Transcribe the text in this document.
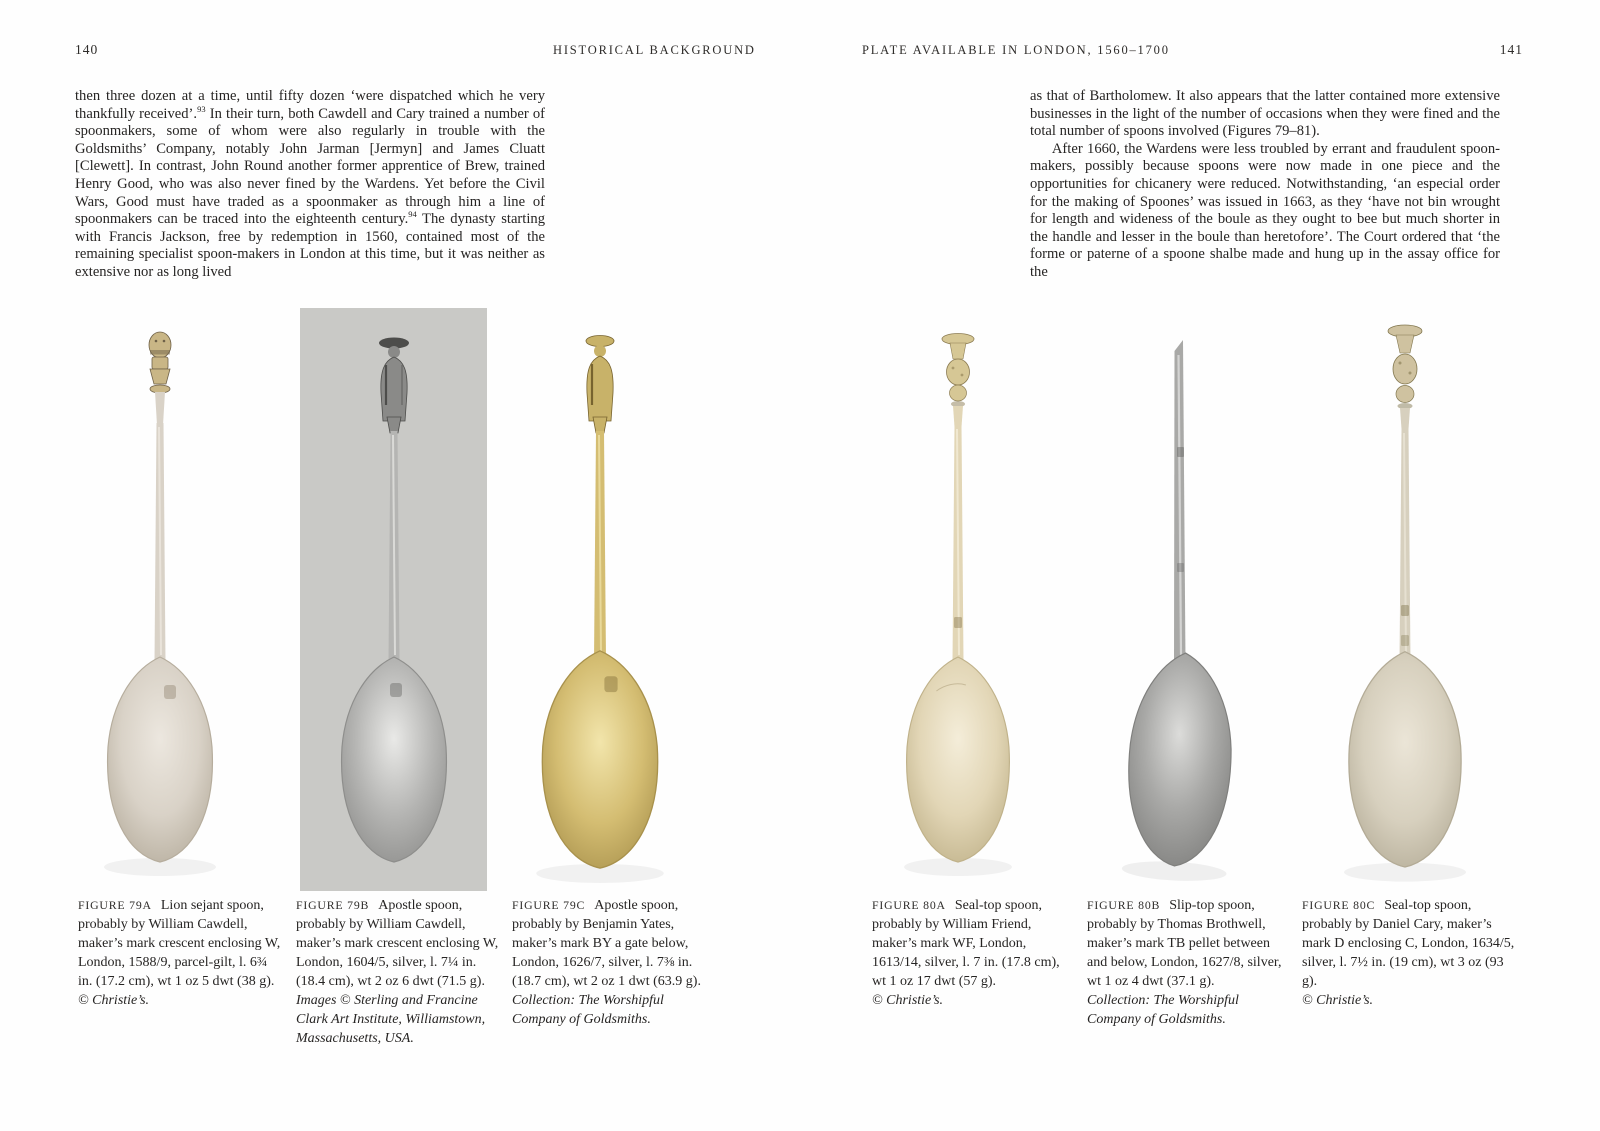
140	HISTORICAL BACKGROUND	PLATE AVAILABLE IN LONDON, 1560–1700	141

then three dozen at a time, until fifty dozen ‘were dispatched which he very thankfully received’.$^{93}$ In their turn, both Cawdell and Cary trained a number of spoonmakers, some of whom were also regularly in trouble with the Goldsmiths’ Company, notably John Jarman [Jermyn] and James Cluatt [Clewett]. In contrast, John Round another former apprentice of Brew, trained Henry Good, who was also never fined by the Wardens. Yet before the Civil Wars, Good must have traded as a spoonmaker as through him a line of spoonmakers can be traced into the eighteenth century.$^{94}$ The dynasty starting with Francis Jackson, free by redemption in 1560, contained most of the remaining specialist spoon-makers in London at this time, but it was neither as extensive nor as long lived

as that of Bartholomew. It also appears that the latter contained more extensive businesses in the light of the number of occasions when they were fined and the total number of spoons involved (Figures 79–81).

After 1660, the Wardens were less troubled by errant and fraudulent spoon-makers, possibly because spoons were now made in one piece and the opportunities for chicanery were reduced. Notwithstanding, ‘an especial order for the making of Spoones’ was issued in 1663, as they ‘have not bin wrought for length and wideness of the boule as they ought to bee but much shorter in the handle and lesser in the boule than heretofore’. The Court ordered that ‘the forme or paterne of a spoone shalbe made and hung up in the assay office for the

FIGURE 79A Lion sejant spoon, probably by William Cawdell, maker’s mark crescent enclosing W, London, 1588/9, parcel-gilt, l. 6¾ in. (17.2 cm), wt 1 oz 5 dwt (38 g).
© Christie’s.
FIGURE 79B Apostle spoon, probably by William Cawdell, maker’s mark crescent enclosing W, London, 1604/5, silver, l. 7¼ in. (18.4 cm), wt 2 oz 6 dwt (71.5 g).
Images © Sterling and Francine Clark Art Institute, Williamstown, Massachusetts, USA.
FIGURE 79C Apostle spoon, probably by Benjamin Yates, maker’s mark BY a gate below, London, 1626/7, silver, l. 7⅜ in. (18.7 cm), wt 2 oz 1 dwt (63.9 g).
Collection: The Worshipful Company of Goldsmiths.
FIGURE 80A Seal-top spoon, probably by William Friend, maker’s mark WF, London, 1613/14, silver, l. 7 in. (17.8 cm), wt 1 oz 17 dwt (57 g).
© Christie’s.
FIGURE 80B Slip-top spoon, probably by Thomas Brothwell, maker’s mark TB pellet between and below, London, 1627/8, silver, wt 1 oz 4 dwt (37.1 g).
Collection: The Worshipful Company of Goldsmiths.
FIGURE 80C Seal-top spoon, probably by Daniel Cary, maker’s mark D enclosing C, London, 1634/5, silver, l. 7½ in. (19 cm), wt 3 oz (93 g).
© Christie’s.
